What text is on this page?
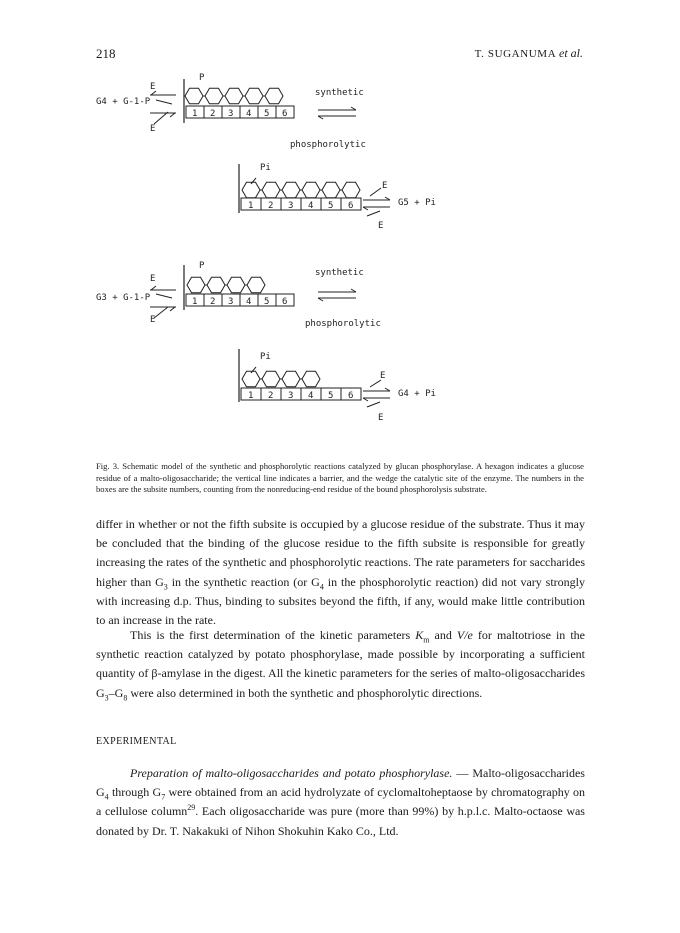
218	T. SUGANUMA et al.
G4 + G-1-P
E
E
P
1 2 3 4 5 6
synthetic
phosphorolytic
Pi
1 2 3 4 5 6
E
E
G5 + Pi
G3 + G-1-P
E
E
P
1 2 3 4 5 6
synthetic
phosphorolytic
Pi
1 2 3 4 5 6
E
E
G4 + Pi
Fig. 3. Schematic model of the synthetic and phosphorolytic reactions catalyzed by glucan phosphorylase. A hexagon indicates a glucose residue of a malto-oligosaccharide; the vertical line indicates a barrier, and the wedge the catalytic site of the enzyme. The numbers in the boxes are the subsite numbers, counting from the nonreducing-end residue of the bound phosphorolysis substrate.

differ in whether or not the fifth subsite is occupied by a glucose residue of the substrate. Thus it may be concluded that the binding of the glucose residue to the fifth subsite is responsible for greatly increasing the rates of the synthetic and phosphorolytic reactions. The rate parameters for saccharides higher than $G_3$ in the synthetic reaction (or $G_4$ in the phosphorolytic reaction) did not vary strongly with increasing d.p. Thus, binding to subsites beyond the fifth, if any, would make little contribution to an increase in the rate.

This is the first determination of the kinetic parameters $K_m$ and V/e for maltotriose in the synthetic reaction catalyzed by potato phosphorylase, made possible by incorporating a sufficient quantity of β-amylase in the digest. All the kinetic parameters for the series of malto-oligosaccharides $G_3-G_8$ were also determined in both the synthetic and phosphorolytic directions.

EXPERIMENTAL

Preparation of malto-oligosaccharides and potato phosphorylase. — Malto-oligosaccharides $G_4$ through $G_7$ were obtained from an acid hydrolyzate of cyclomaltoheptaose by chromatography on a cellulose column$^{29}$. Each oligosaccharide was pure (more than 99%) by h.p.l.c. Malto-octaose was donated by Dr. T. Nakakuki of Nihon Shokuhin Kako Co., Ltd.
